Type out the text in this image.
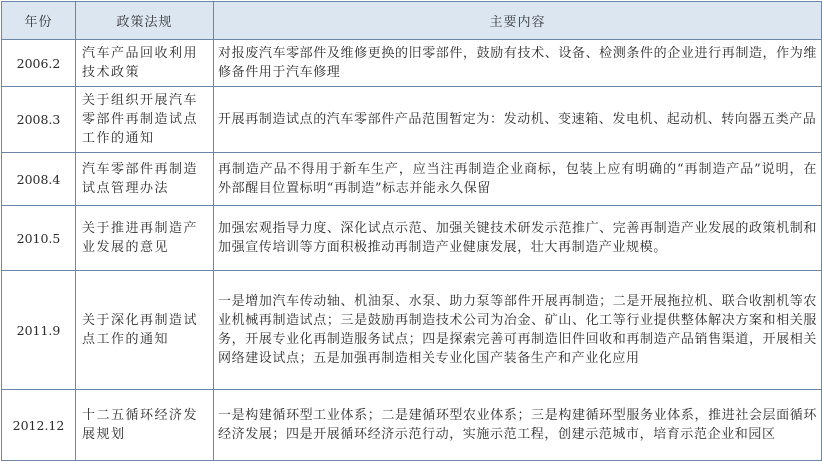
年份	政策法规	主要内容
2006.2	汽车产品回收利用技术政策	对报废汽车零部件及维修更换的旧零部件，鼓励有技术、设备、检测条件的企业进行再制造，作为维修备件用于汽车修理
2008.3	关于组织开展汽车零部件再制造试点工作的通知	开展再制造试点的汽车零部件产品范围暂定为：发动机、变速箱、发电机、起动机、转向器五类产品
2008.4	汽车零部件再制造试点管理办法	再制造产品不得用于新车生产，应当注再制造企业商标，包装上应有明确的“再制造产品”说明，在外部醒目位置标明“再制造”标志并能永久保留
2010.5	关于推进再制造产业发展的意见	加强宏观指导力度、深化试点示范、加强关键技术研发示范推广、完善再制造产业发展的政策机制和加强宣传培训等方面积极推动再制造产业健康发展，壮大再制造产业规模。
2011.9	关于深化再制造试点工作的通知	一是增加汽车传动轴、机油泵、水泵、助力泵等部件开展再制造；二是开展拖拉机、联合收割机等农业机械再制造试点；三是鼓励再制造技术公司为冶金、矿山、化工等行业提供整体解决方案和相关服务，开展专业化再制造服务试点；四是探索完善可再制造旧件回收和再制造产品销售渠道，开展相关网络建设试点；五是加强再制造相关专业化国产装备生产和产业化应用
2012.12	十二五循环经济发展规划	一是构建循环型工业体系；二是建循环型农业体系；三是构建循环型服务业体系，推进社会层面循环经济发展；四是开展循环经济示范行动，实施示范工程，创建示范城市，培育示范企业和园区
